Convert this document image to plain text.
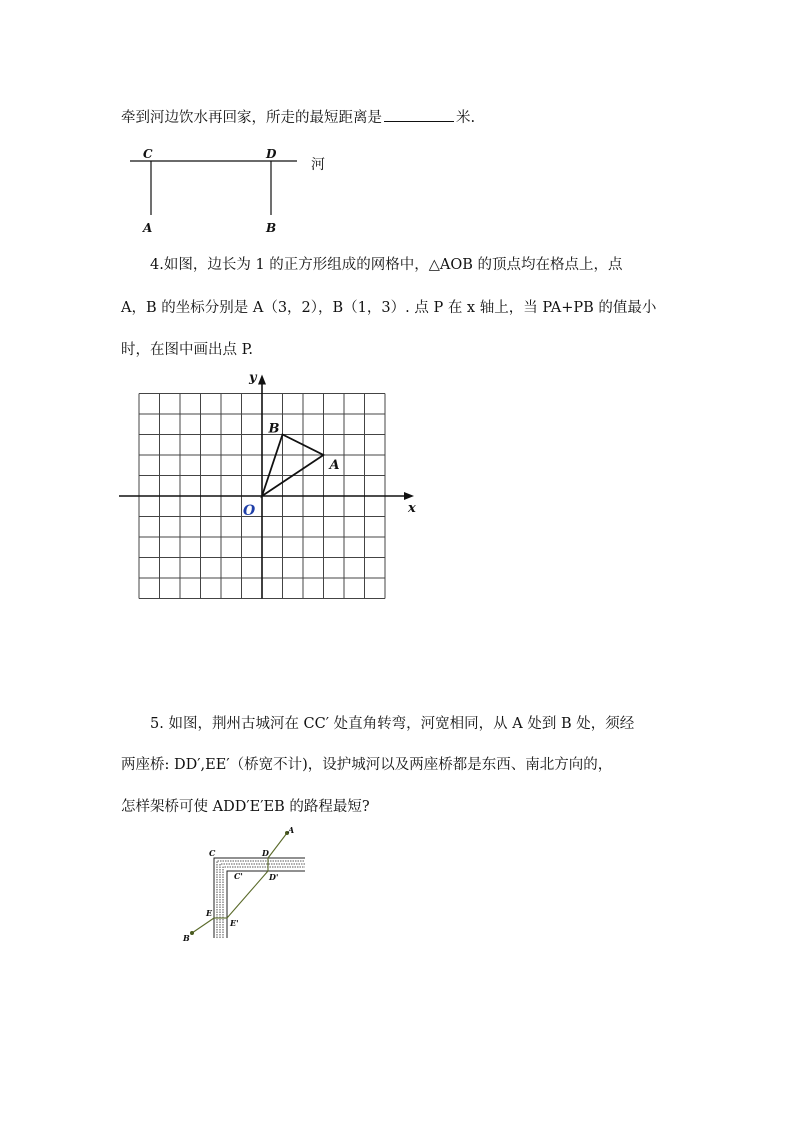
牵到河边饮水再回家，所走的最短距离是	米.
C	D
A	B
河
4.如图，边长为 1 的正方形组成的网格中，△AOB 的顶点均在格点上，点
A，B 的坐标分别是 A（3，2），B（1，3）. 点 P 在 x 轴上，当 PA+PB 的值最小
时，在图中画出点 P.
A
B
O	x
y
5. 如图，荆州古城河在 CC′ 处直角转弯，河宽相同，从 A 处到 B 处，须经
两座桥: DD′,EE′（桥宽不计)，设护城河以及两座桥都是东西、南北方向的，
怎样架桥可使 ADD′E′EB 的路程最短?
A
B
C
C'
D
D'
E
E'
